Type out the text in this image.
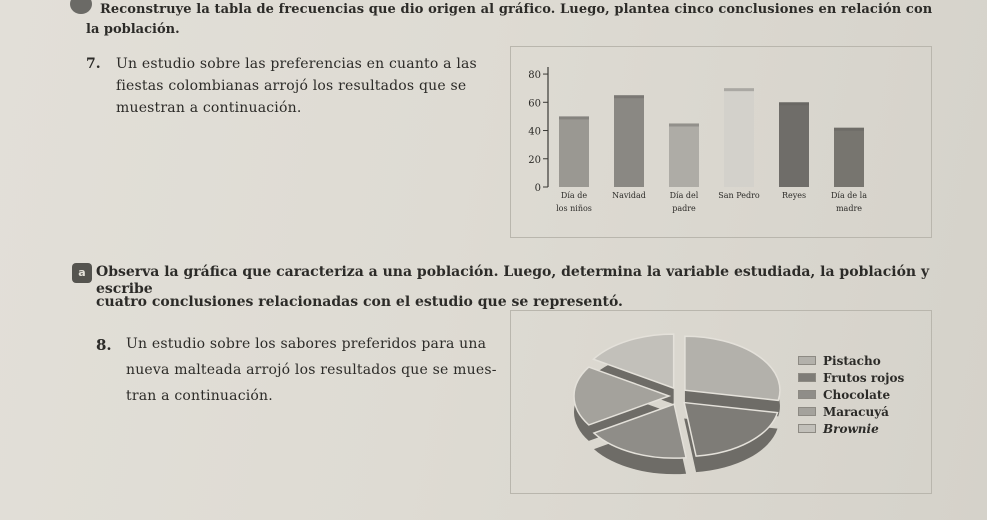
Reconstruye la tabla de frecuencias que dio origen al gráfico. Luego, plantea cinco conclusiones en relación con
la población.
7. Un estudio sobre las preferencias en cuanto a las
fiestas colombianas arrojó los resultados que se
muestran a continuación.
0
20
40
60
80
Día de
los niños
Navidad	Día del
padre
San Pedro	Reyes	Día de la
madre
a Observa la gráfica que caracteriza a una población. Luego, determina la variable estudiada, la población y escribe
cuatro conclusiones relacionadas con el estudio que se representó.
8. Un estudio sobre los sabores preferidos para una
nueva malteada arrojó los resultados que se mues-
tran a continuación.
Pistacho
Frutos rojos
Chocolate
Maracuyá
Brownie
